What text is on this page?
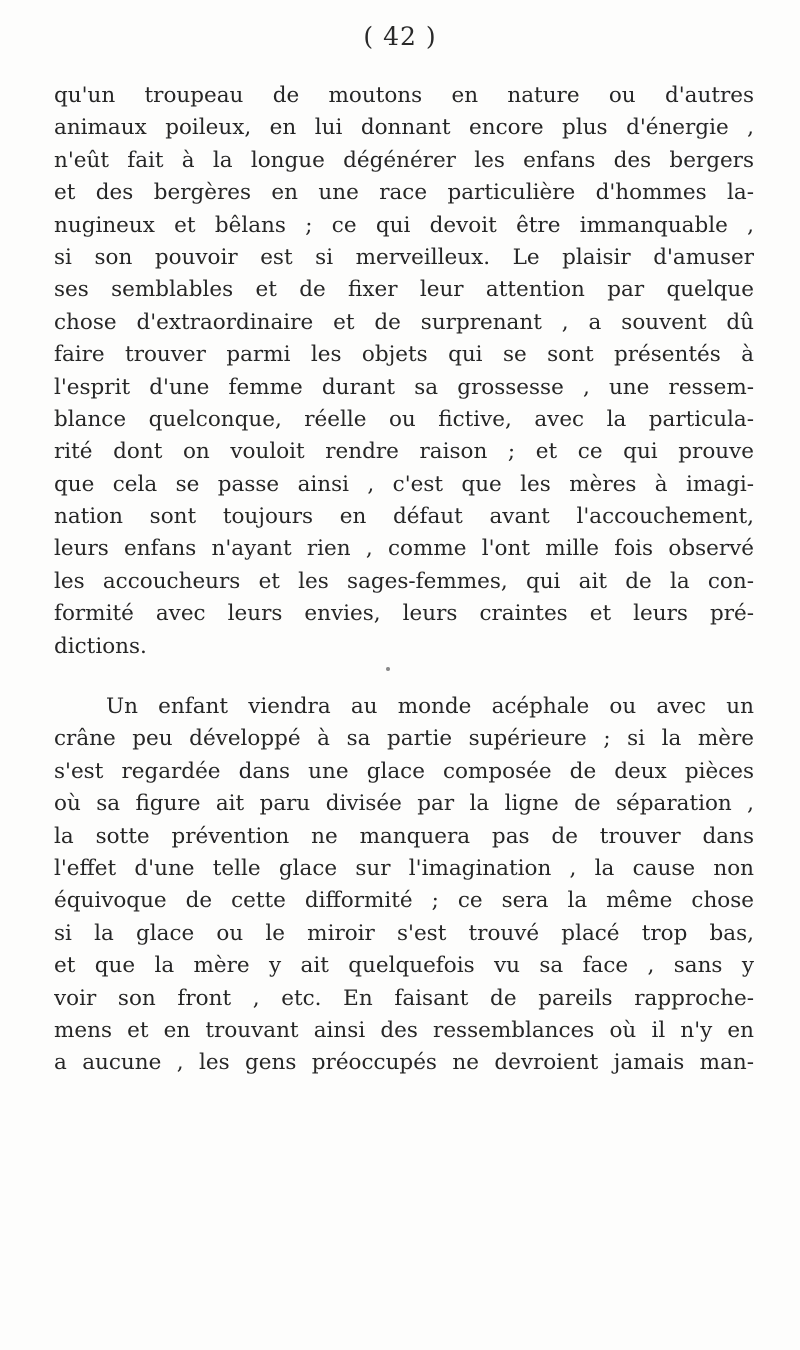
( 42 )
qu'un troupeau de moutons en nature ou d'autres
animaux poileux, en lui donnant encore plus d'énergie ,
n'eût fait à la longue dégénérer les enfans des bergers
et des bergères en une race particulière d'hommes la-
nugineux et bêlans ; ce qui devoit être immanquable ,
si son pouvoir est si merveilleux. Le plaisir d'amuser
ses semblables et de fixer leur attention par quelque
chose d'extraordinaire et de surprenant , a souvent dû
faire trouver parmi les objets qui se sont présentés à
l'esprit d'une femme durant sa grossesse , une ressem-
blance quelconque, réelle ou fictive, avec la particula-
rité dont on vouloit rendre raison ; et ce qui prouve
que cela se passe ainsi , c'est que les mères à imagi-
nation sont toujours en défaut avant l'accouchement,
leurs enfans n'ayant rien , comme l'ont mille fois observé
les accoucheurs et les sages-femmes, qui ait de la con-
formité avec leurs envies, leurs craintes et leurs pré-
dictions.
Un enfant viendra au monde acéphale ou avec un
crâne peu développé à sa partie supérieure ; si la mère
s'est regardée dans une glace composée de deux pièces
où sa figure ait paru divisée par la ligne de séparation ,
la sotte prévention ne manquera pas de trouver dans
l'effet d'une telle glace sur l'imagination , la cause non
équivoque de cette difformité ; ce sera la même chose
si la glace ou le miroir s'est trouvé placé trop bas,
et que la mère y ait quelquefois vu sa face , sans y
voir son front , etc. En faisant de pareils rapproche-
mens et en trouvant ainsi des ressemblances où il n'y en
a aucune , les gens préoccupés ne devroient jamais man-
